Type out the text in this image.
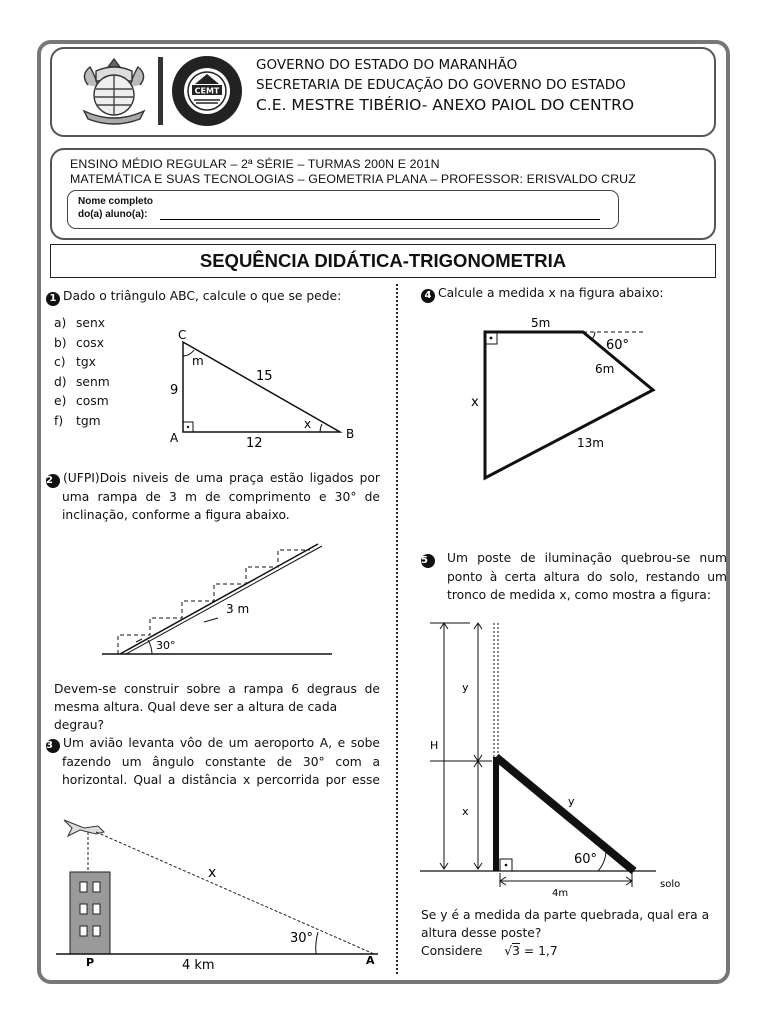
CEMT
GOVERNO DO ESTADO DO MARANHÃO
SECRETARIA DE EDUCAÇÃO DO GOVERNO DO ESTADO
C.E. MESTRE TIBÉRIO- ANEXO PAIOL DO CENTRO
ENSINO MÉDIO REGULAR – 2ª SÉRIE – TURMAS 200N E 201N
MATEMÁTICA E SUAS TECNOLOGIAS – GEOMETRIA PLANA – PROFESSOR: ERISVALDO CRUZ
Nome completo
do(a) aluno(a):
SEQUÊNCIA DIDÁTICA-TRIGONOMETRIA
1 Dado o triângulo ABC, calcule o que se pede:
a) senx
b) cosx
c) tgx
d) senm
e) cosm
f) tgm
C
A	B
m
x
9
15
12
2 (UFPI)Dois niveis de uma praça estão ligados por
uma rampa de 3 m de comprimento e 30° de
inclinação, conforme a figura abaixo.
3 m
30°
Devem-se construir sobre a rampa 6 degraus de
mesma altura. Qual deve ser a altura de cada degrau?
3 Um avião levanta vôo de um aeroporto A, e sobe
fazendo um ângulo constante de 30° com a
horizontal. Qual a distância x percorrida por esse
x
30°
P	A
4 km
4 Calcule a medida x na figura abaixo:
5m
60°
6m
x
13m
5 Um poste de iluminação quebrou-se num
ponto à certa altura do solo, restando um
tronco de medida x, como mostra a figura:
y
H
x
y
60°
4m
solo
Se y é a medida da parte quebrada, qual era a
altura desse poste?
Considere √3 = 1,7
